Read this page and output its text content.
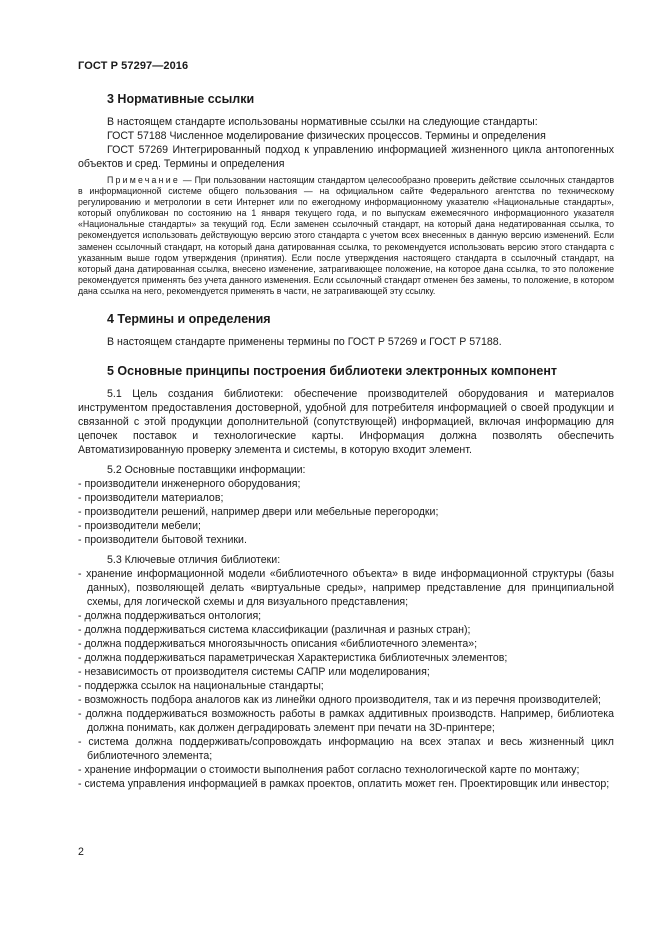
ГОСТ Р 57297—2016
3 Нормативные ссылки

В настоящем стандарте использованы нормативные ссылки на следующие стандарты:

ГОСТ 57188 Численное моделирование физических процессов. Термины и определения

ГОСТ 57269 Интегрированный подход к управлению информацией жизненного цикла антопогенных объектов и сред. Термины и определения

Примечание — При пользовании настоящим стандартом целесообразно проверить действие ссылочных стандартов в информационной системе общего пользования — на официальном сайте Федерального агентства по техническому регулированию и метрологии в сети Интернет или по ежегодному информационному указателю «Национальные стандарты», который опубликован по состоянию на 1 января текущего года, и по выпускам ежемесячного информационного указателя «Национальные стандарты» за текущий год. Если заменен ссылочный стандарт, на который дана недатированная ссылка, то рекомендуется использовать действующую версию этого стандарта с учетом всех внесенных в данную версию изменений. Если заменен ссылочный стандарт, на который дана датированная ссылка, то рекомендуется использовать версию этого стандарта с указанным выше годом утверждения (принятия). Если после утверждения настоящего стандарта в ссылочный стандарт, на который дана датированная ссылка, внесено изменение, затрагивающее положение, на которое дана ссылка, то это положение рекомендуется применять без учета данного изменения. Если ссылочный стандарт отменен без замены, то положение, в котором дана ссылка на него, рекомендуется применять в части, не затрагивающей эту ссылку.

4 Термины и определения

В настоящем стандарте применены термины по ГОСТ Р 57269 и ГОСТ Р 57188.

5 Основные принципы построения библиотеки электронных компонент

5.1 Цель создания библиотеки: обеспечение производителей оборудования и материалов инструментом предоставления достоверной, удобной для потребителя информацией о своей продукции и связанной с этой продукции дополнительной (сопутствующей) информацией, включая информацию для цепочек поставок и технологические карты. Информация должна позволять обеспечить Автоматизированную проверку элемента и системы, в которую входит элемент.

5.2 Основные поставщики информации:

- производители инженерного оборудования;
- производители материалов;
- производители решений, например двери или мебельные перегородки;
- производители мебели;
- производители бытовой техники.

5.3 Ключевые отличия библиотеки:

- хранение информационной модели «библиотечного объекта» в виде информационной структуры (базы данных), позволяющей делать «виртуальные среды», например представление для принципиальной схемы, для логической схемы и для визуального представления;
- должна поддерживаться онтология;
- должна поддерживаться система классификации (различная и разных стран);
- должна поддерживаться многоязычность описания «библиотечного элемента»;
- должна поддерживаться параметрическая Характеристика библиотечных элементов;
- независимость от производителя системы САПР или моделирования;
- поддержка ссылок на национальные стандарты;
- возможность подбора аналогов как из линейки одного производителя, так и из перечня производителей;
- должна поддерживаться возможность работы в рамках аддитивных производств. Например, библиотека должна понимать, как должен деградировать элемент при печати на 3D-принтере;
- система должна поддерживать/сопровождать информацию на всех этапах и весь жизненный цикл библиотечного элемента;
- хранение информации о стоимости выполнения работ согласно технологической карте по монтажу;
- система управления информацией в рамках проектов, оплатить может ген. Проектировщик или инвестор;
2
